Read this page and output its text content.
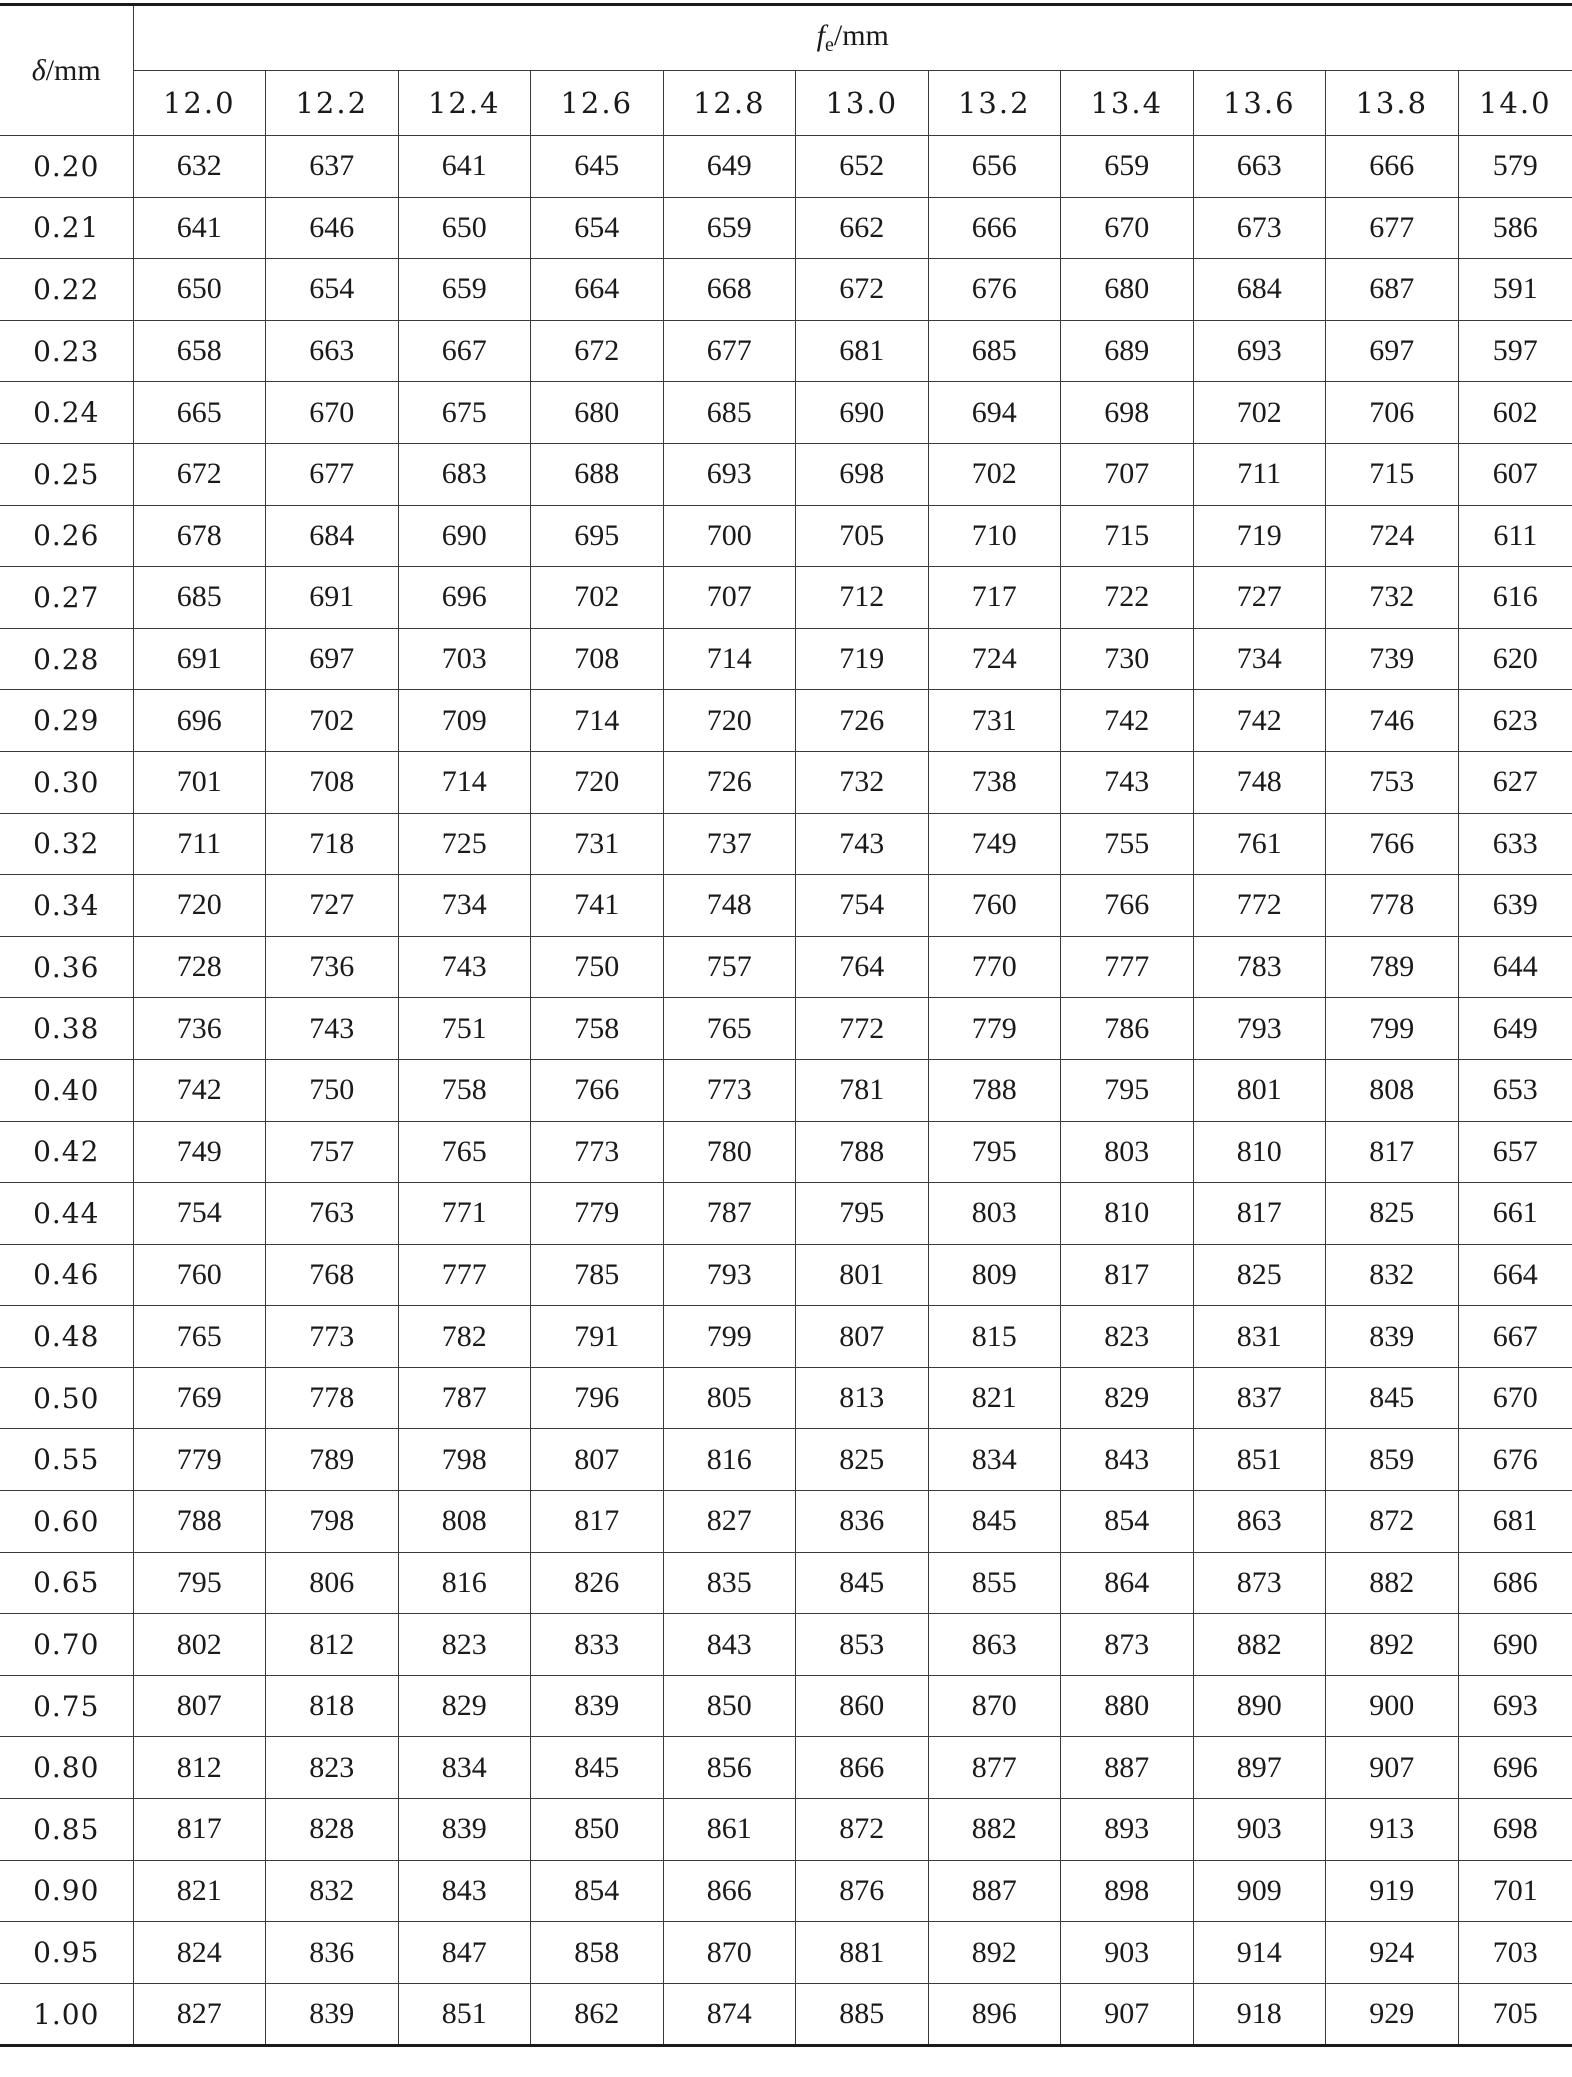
δ/mm	$f_e/mm$										
	12.0	12.2	12.4	12.6	12.8	13.0	13.2	13.4	13.6	13.8	14.0
0.20	632	637	641	645	649	652	656	659	663	666	579
0.21	641	646	650	654	659	662	666	670	673	677	586
0.22	650	654	659	664	668	672	676	680	684	687	591
0.23	658	663	667	672	677	681	685	689	693	697	597
0.24	665	670	675	680	685	690	694	698	702	706	602
0.25	672	677	683	688	693	698	702	707	711	715	607
0.26	678	684	690	695	700	705	710	715	719	724	611
0.27	685	691	696	702	707	712	717	722	727	732	616
0.28	691	697	703	708	714	719	724	730	734	739	620
0.29	696	702	709	714	720	726	731	742	742	746	623
0.30	701	708	714	720	726	732	738	743	748	753	627
0.32	711	718	725	731	737	743	749	755	761	766	633
0.34	720	727	734	741	748	754	760	766	772	778	639
0.36	728	736	743	750	757	764	770	777	783	789	644
0.38	736	743	751	758	765	772	779	786	793	799	649
0.40	742	750	758	766	773	781	788	795	801	808	653
0.42	749	757	765	773	780	788	795	803	810	817	657
0.44	754	763	771	779	787	795	803	810	817	825	661
0.46	760	768	777	785	793	801	809	817	825	832	664
0.48	765	773	782	791	799	807	815	823	831	839	667
0.50	769	778	787	796	805	813	821	829	837	845	670
0.55	779	789	798	807	816	825	834	843	851	859	676
0.60	788	798	808	817	827	836	845	854	863	872	681
0.65	795	806	816	826	835	845	855	864	873	882	686
0.70	802	812	823	833	843	853	863	873	882	892	690
0.75	807	818	829	839	850	860	870	880	890	900	693
0.80	812	823	834	845	856	866	877	887	897	907	696
0.85	817	828	839	850	861	872	882	893	903	913	698
0.90	821	832	843	854	866	876	887	898	909	919	701
0.95	824	836	847	858	870	881	892	903	914	924	703
1.00	827	839	851	862	874	885	896	907	918	929	705
